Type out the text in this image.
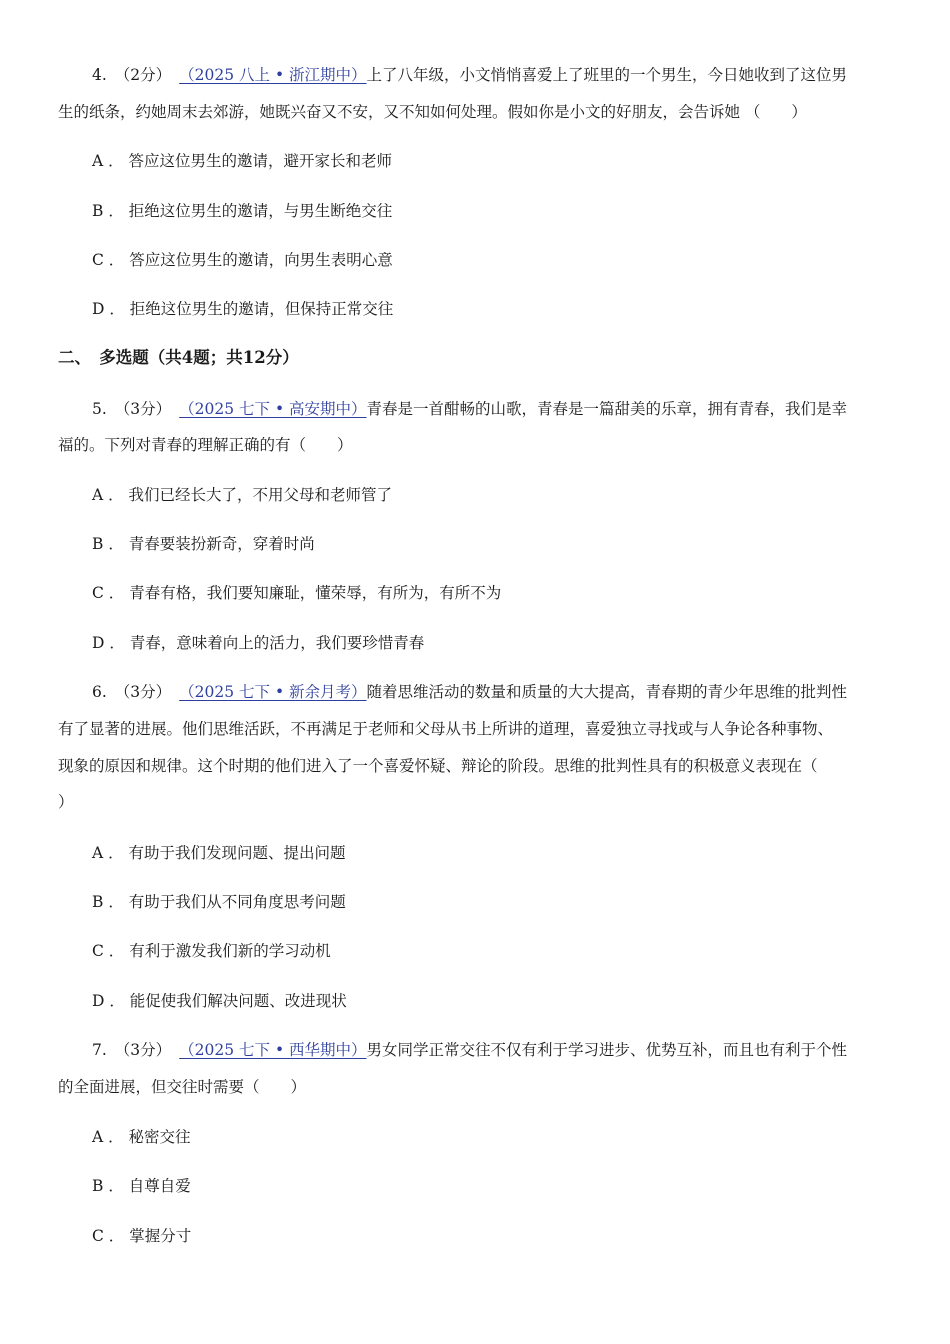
4. （2分） （2025 八上 • 浙江期中）上了八年级，小文悄悄喜爱上了班里的一个男生，今日她收到了这位男
生的纸条，约她周末去郊游，她既兴奋又不安，又不知如何处理。假如你是小文的好朋友，会告诉她 （　　）
A ． 答应这位男生的邀请，避开家长和老师
B ． 拒绝这位男生的邀请，与男生断绝交往
C ． 答应这位男生的邀请，向男生表明心意
D ． 拒绝这位男生的邀请，但保持正常交往
二、　多选题（共4题；共12分）
5. （3分） （2025 七下 • 高安期中）青春是一首酣畅的山歌，青春是一篇甜美的乐章，拥有青春，我们是幸
福的。下列对青春的理解正确的有（　　）
A ． 我们已经长大了，不用父母和老师管了
B ． 青春要装扮新奇，穿着时尚
C ． 青春有格，我们要知廉耻，懂荣辱，有所为，有所不为
D ． 青春，意味着向上的活力，我们要珍惜青春
6. （3分） （2025 七下 • 新余月考）随着思维活动的数量和质量的大大提高，青春期的青少年思维的批判性
有了显著的进展。他们思维活跃，不再满足于老师和父母从书上所讲的道理，喜爱独立寻找或与人争论各种事物、
现象的原因和规律。这个时期的他们进入了一个喜爱怀疑、辩论的阶段。思维的批判性具有的积极意义表现在（
）
A ． 有助于我们发现问题、提出问题
B ． 有助于我们从不同角度思考问题
C ． 有利于激发我们新的学习动机
D ． 能促使我们解决问题、改进现状
7. （3分） （2025 七下 • 西华期中）男女同学正常交往不仅有利于学习进步、优势互补，而且也有利于个性
的全面进展，但交往时需要（　　）
A ． 秘密交往
B ． 自尊自爱
C ． 掌握分寸
